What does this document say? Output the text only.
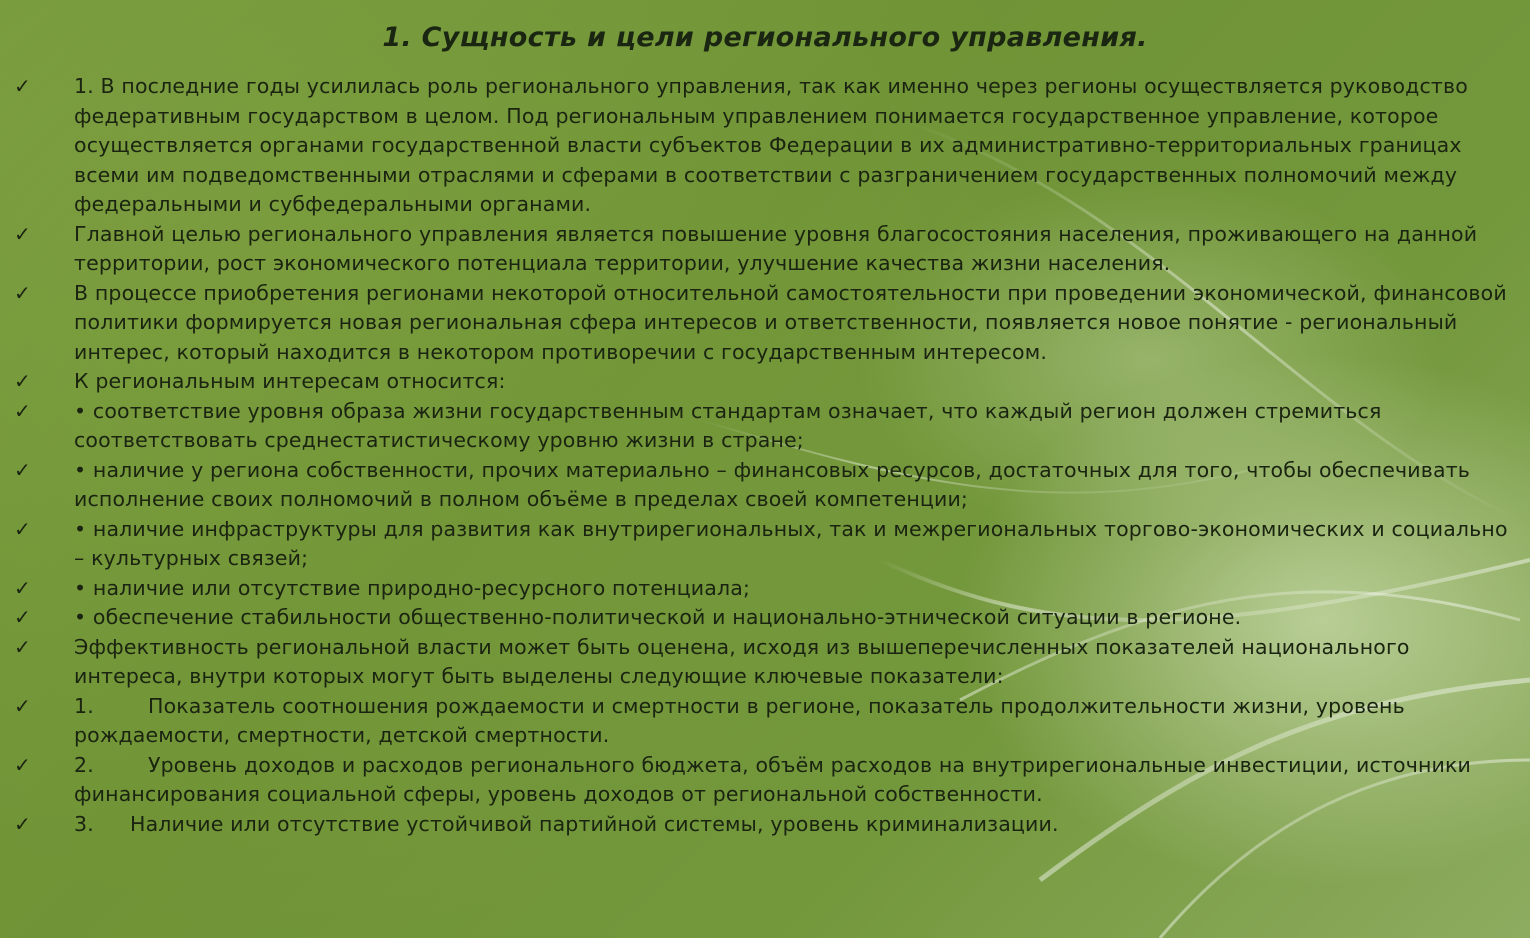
1. Сущность и цели регионального управления.
✓ 1. В последние годы усилилась роль регионального управления, так как именно через регионы осуществляется руководство федеративным государством в целом. Под региональным управлением понимается государственное управление, которое осуществляется органами государственной власти субъектов Федерации в их административно-территориальных границах всеми им подведомственными отраслями и сферами в соответствии с разграничением государственных полномочий между федеральными и субфедеральными органами.
✓ Главной целью регионального управления является повышение уровня благосостояния населения, проживающего на данной территории, рост экономического потенциала территории, улучшение качества жизни населения.
✓ В процессе приобретения регионами некоторой относительной самостоятельности при проведении экономической, финансовой политики формируется новая региональная сфера интересов и ответственности, появляется новое понятие - региональный интерес, который находится в некотором противоречии с государственным интересом.
✓ К региональным интересам относится:
✓ • соответствие уровня образа жизни государственным стандартам означает, что каждый регион должен стремиться соответствовать среднестатистическому уровню жизни в стране;
✓ • наличие у региона собственности, прочих материально – финансовых ресурсов, достаточных для того, чтобы обеспечивать исполнение своих полномочий в полном объёме в пределах своей компетенции;
✓ • наличие инфраструктуры для развития как внутрирегиональных, так и межрегиональных торгово-экономических и социально – культурных связей;
✓ • наличие или отсутствие природно-ресурсного потенциала;
✓ • обеспечение стабильности общественно-политической и национально-этнической ситуации в регионе.
✓ Эффективность региональной власти может быть оценена, исходя из вышеперечисленных показателей национального интереса, внутри которых могут быть выделены следующие ключевые показатели:
✓ 1.	Показатель соотношения рождаемости и смертности в регионе, показатель продолжительности жизни, уровень рождаемости, смертности, детской смертности.
✓ 2.	Уровень доходов и расходов регионального бюджета, объём расходов на внутрирегиональные инвестиции, источники финансирования социальной сферы, уровень доходов от региональной собственности.
✓ 3. Наличие или отсутствие устойчивой партийной системы, уровень криминализации.
